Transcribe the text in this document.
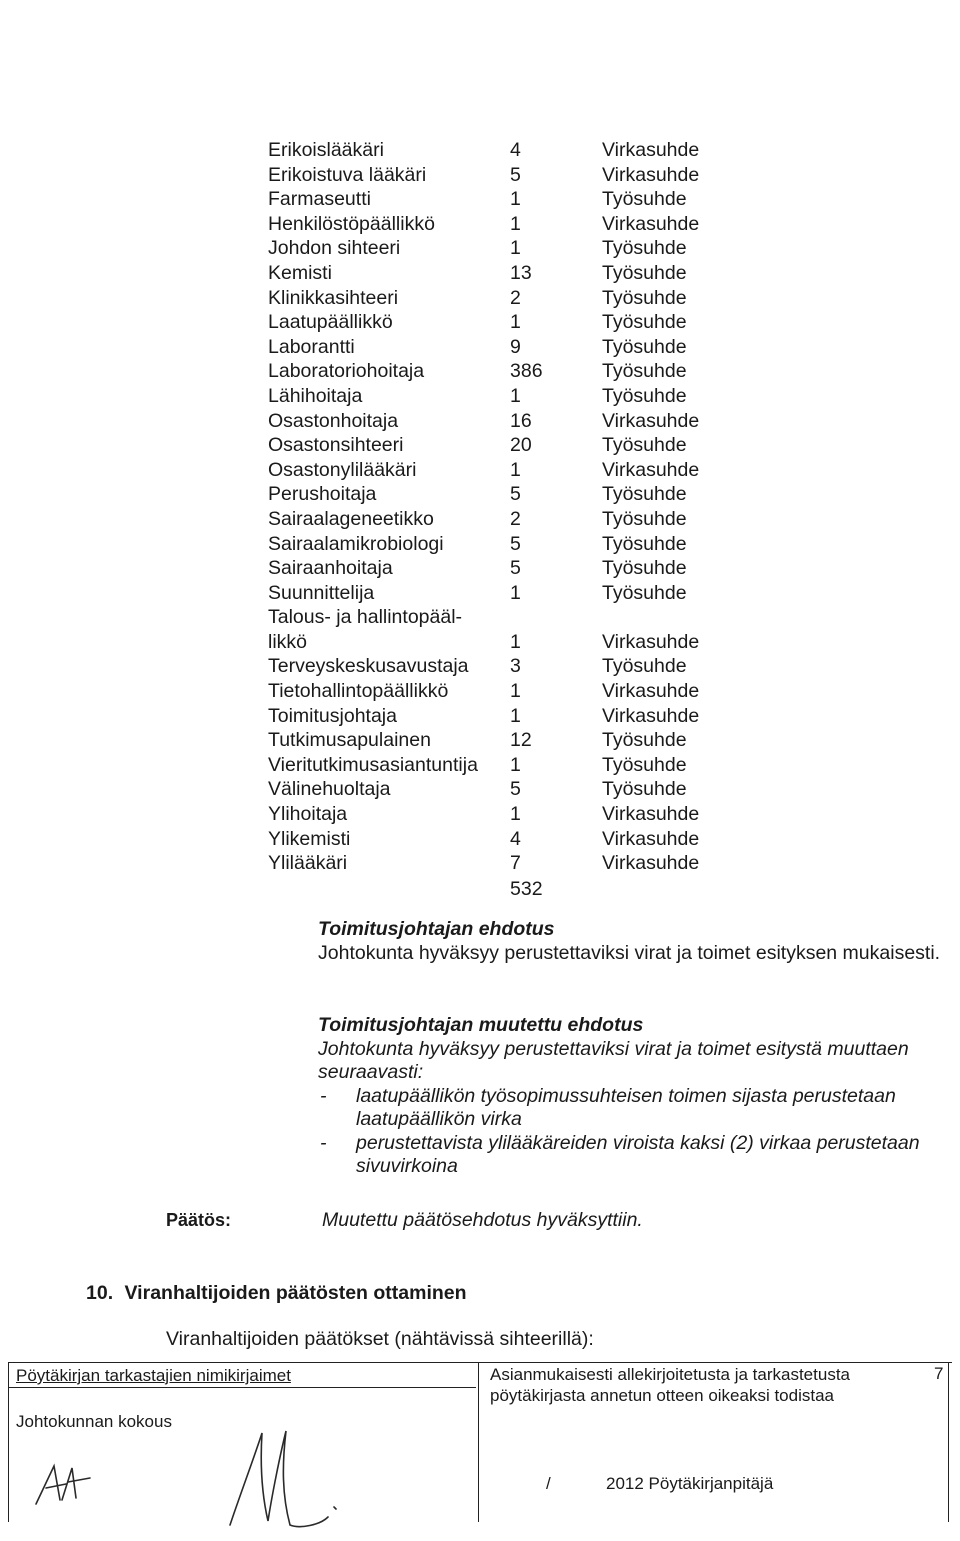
Erikoislääkäri	4	Virkasuhde
Erikoistuva lääkäri	5	Virkasuhde
Farmaseutti	1	Työsuhde
Henkilöstöpäällikkö	1	Virkasuhde
Johdon sihteeri	1	Työsuhde
Kemisti	13	Työsuhde
Klinikkasihteeri	2	Työsuhde
Laatupäällikkö	1	Työsuhde
Laborantti	9	Työsuhde
Laboratoriohoitaja	386	Työsuhde
Lähihoitaja	1	Työsuhde
Osastonhoitaja	16	Virkasuhde
Osastonsihteeri	20	Työsuhde
Osastonylilääkäri	1	Virkasuhde
Perushoitaja	5	Työsuhde
Sairaalageneetikko	2	Työsuhde
Sairaalamikrobiologi	5	Työsuhde
Sairaanhoitaja	5	Työsuhde
Suunnittelija	1	Työsuhde
Talous- ja hallintopääl-
likkö	1	Virkasuhde
Terveyskeskusavustaja	3	Työsuhde
Tietohallintopäällikkö	1	Virkasuhde
Toimitusjohtaja	1	Virkasuhde
Tutkimusapulainen	12	Työsuhde
Vieritutkimusasiantuntija	1	Työsuhde
Välinehuoltaja	5	Työsuhde
Ylihoitaja	1	Virkasuhde
Ylikemisti	4	Virkasuhde
Ylilääkäri	7	Virkasuhde
532
Toimitusjohtajan ehdotus

Johtokunta hyväksyy perustettaviksi virat ja toimet esityksen mukaisesti.

Toimitusjohtajan muutettu ehdotus

Johtokunta hyväksyy perustettaviksi virat ja toimet esitystä muuttaen seuraavasti:

- laatupäällikön työsopimussuhteisen toimen sijasta perustetaan laatupäällikön virka
- perustettavista ylilääkäreiden viroista kaksi (2) virkaa perustetaan sivuvirkoina
Päätös:	Muutettu päätösehdotus hyväksyttiin.
10. Viranhaltijoiden päätösten ottaminen
Viranhaltijoiden päätökset (nähtävissä sihteerillä):
Pöytäkirjan tarkastajien nimikirjaimet
Johtokunnan kokous
Asianmukaisesti allekirjoitetusta ja tarkastetusta pöytäkirjasta annetun otteen oikeaksi todistaa
7
/	2012 Pöytäkirjanpitäjä
